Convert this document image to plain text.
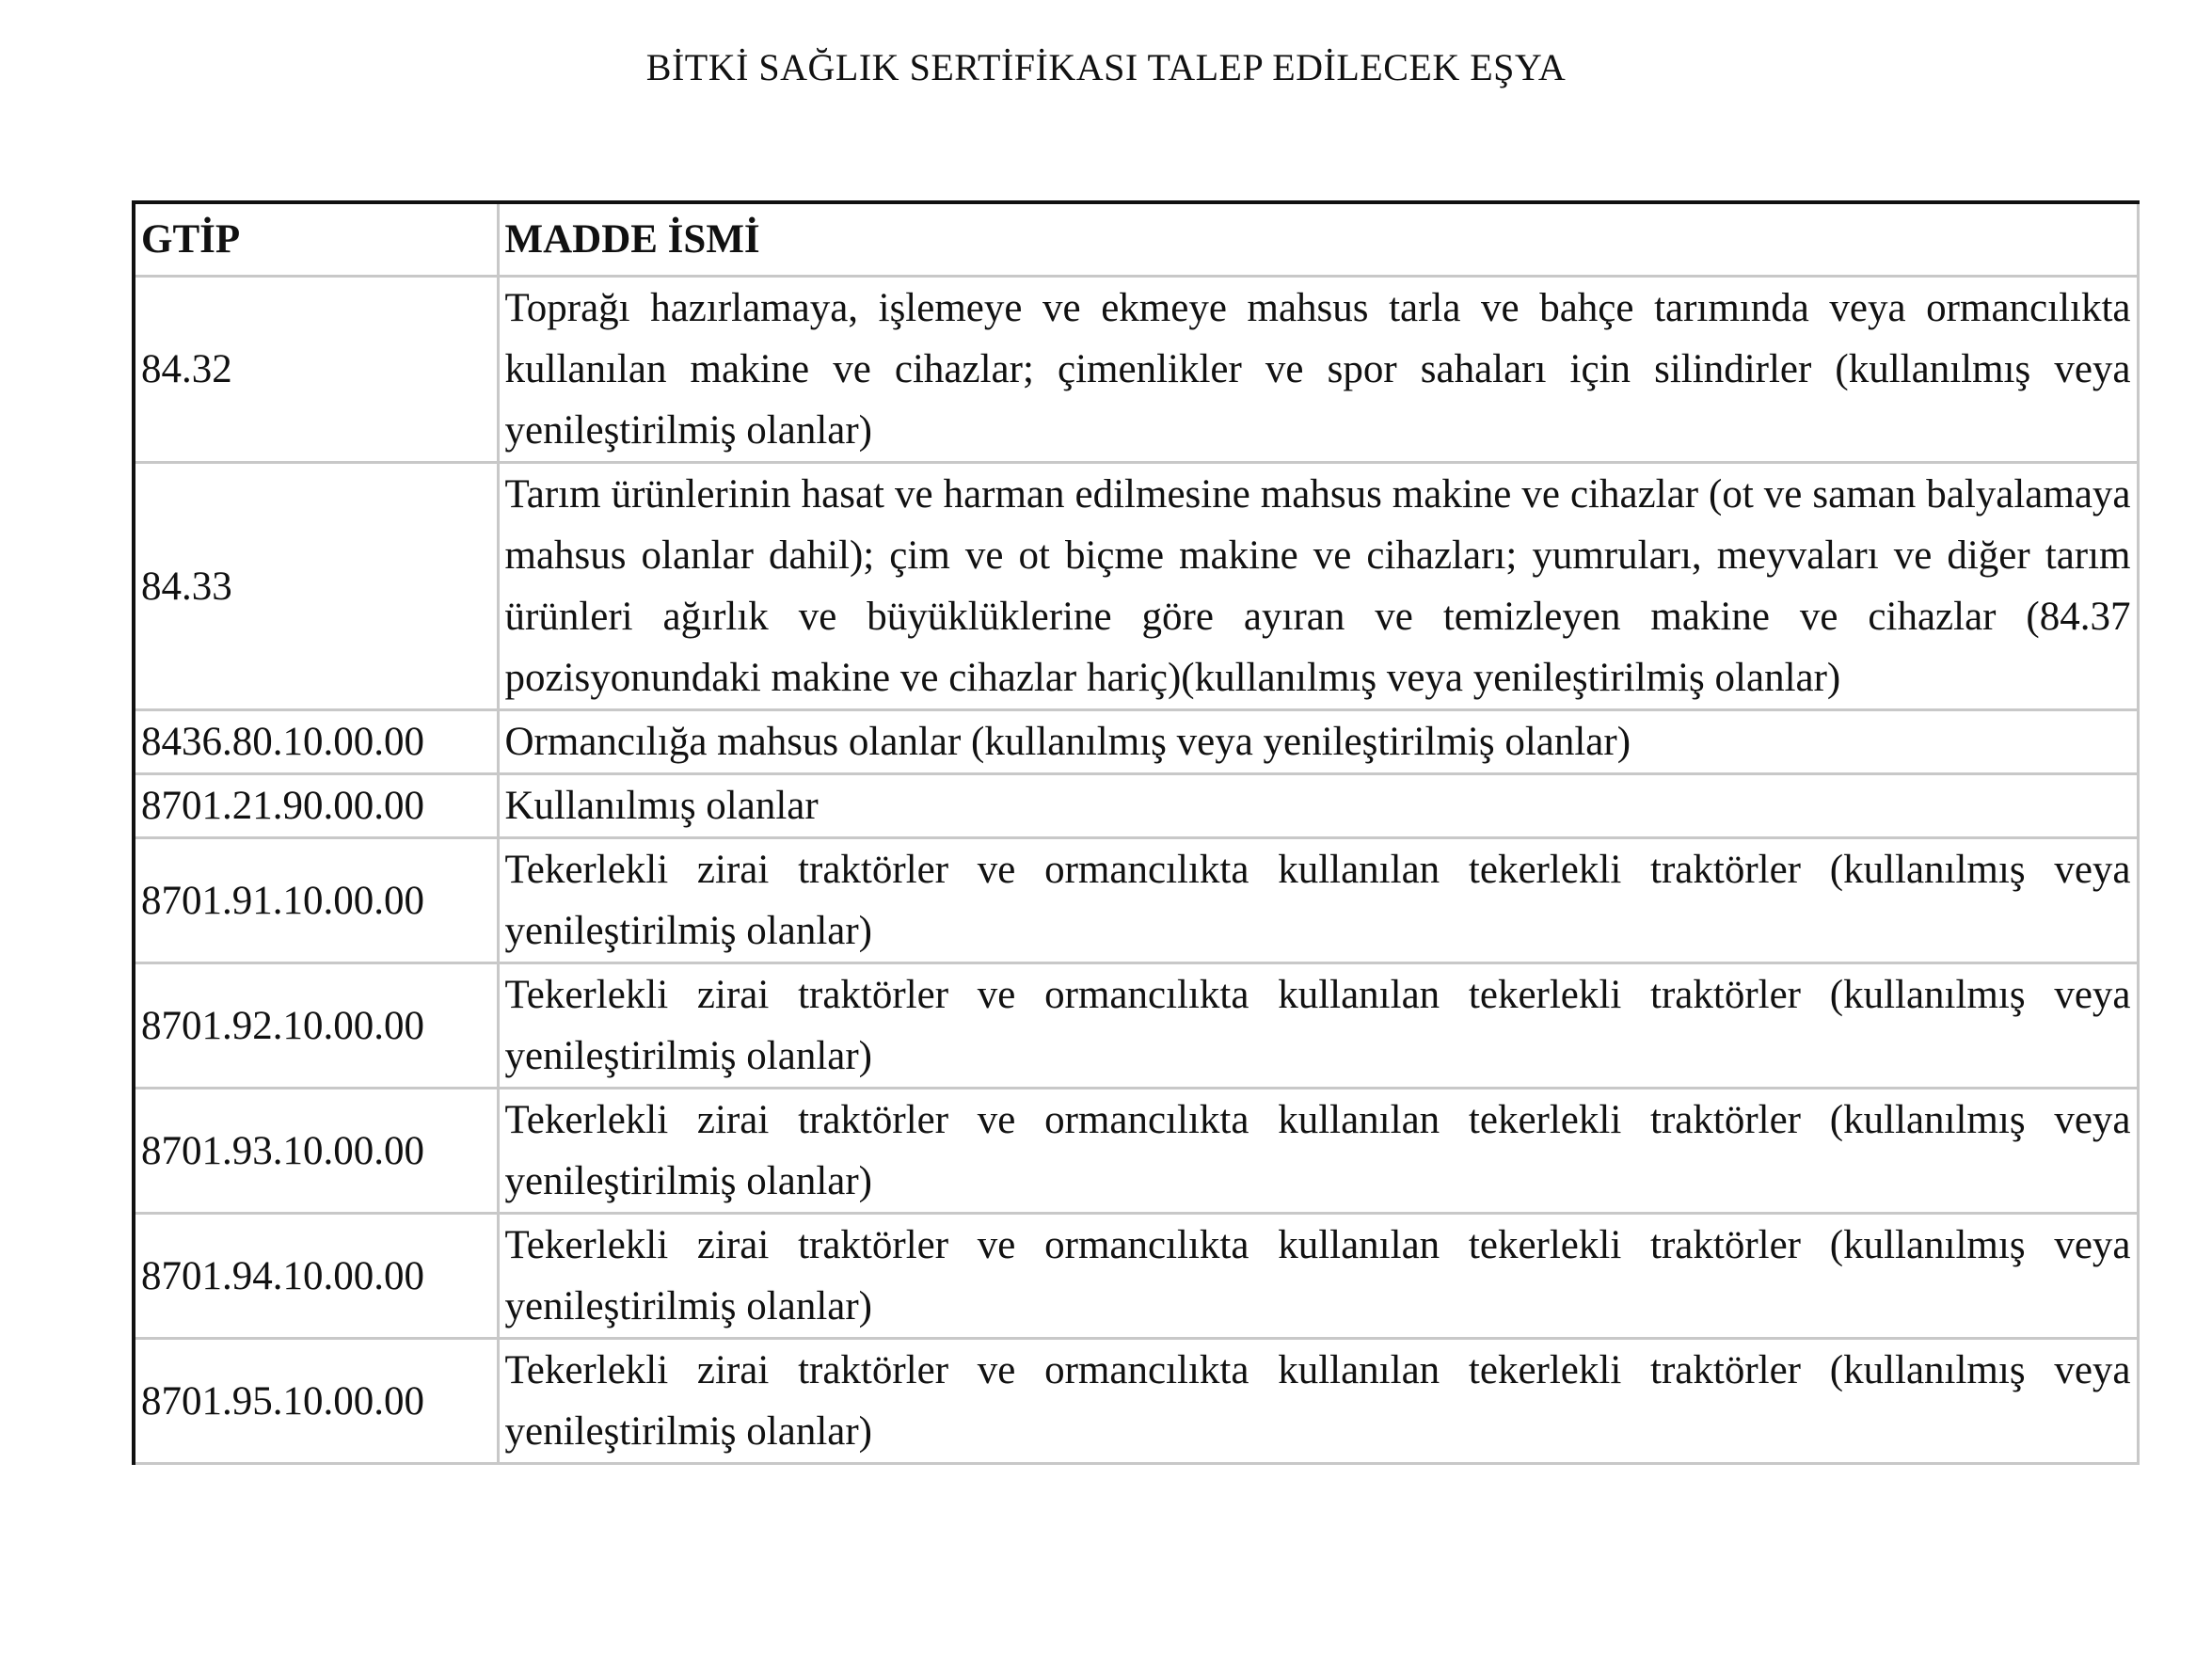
BİTKİ SAĞLIK SERTİFİKASI TALEP EDİLECEK EŞYA
GTİP	MADDE İSMİ
84.32	Toprağı hazırlamaya, işlemeye ve ekmeye mahsus tarla ve bahçe tarımında veya ormancılıkta kullanılan makine ve cihazlar; çimenlikler ve spor sahaları için silindirler (kullanılmış veya yenileştirilmiş olanlar)
84.33	Tarım ürünlerinin hasat ve harman edilmesine mahsus makine ve cihazlar (ot ve saman balyalamaya mahsus olanlar dahil); çim ve ot biçme makine ve cihazları; yumruları, meyvaları ve diğer tarım ürünleri ağırlık ve büyüklüklerine göre ayıran ve temizleyen makine ve cihazlar (84.37 pozisyonundaki makine ve cihazlar hariç)(kullanılmış veya yenileştirilmiş olanlar)
8436.80.10.00.00	Ormancılığa mahsus olanlar (kullanılmış veya yenileştirilmiş olanlar)
8701.21.90.00.00	Kullanılmış olanlar
8701.91.10.00.00	Tekerlekli zirai traktörler ve ormancılıkta kullanılan tekerlekli traktörler (kullanılmış veya yenileştirilmiş olanlar)
8701.92.10.00.00	Tekerlekli zirai traktörler ve ormancılıkta kullanılan tekerlekli traktörler (kullanılmış veya yenileştirilmiş olanlar)
8701.93.10.00.00	Tekerlekli zirai traktörler ve ormancılıkta kullanılan tekerlekli traktörler (kullanılmış veya yenileştirilmiş olanlar)
8701.94.10.00.00	Tekerlekli zirai traktörler ve ormancılıkta kullanılan tekerlekli traktörler (kullanılmış veya yenileştirilmiş olanlar)
8701.95.10.00.00	Tekerlekli zirai traktörler ve ormancılıkta kullanılan tekerlekli traktörler (kullanılmış veya yenileştirilmiş olanlar)
